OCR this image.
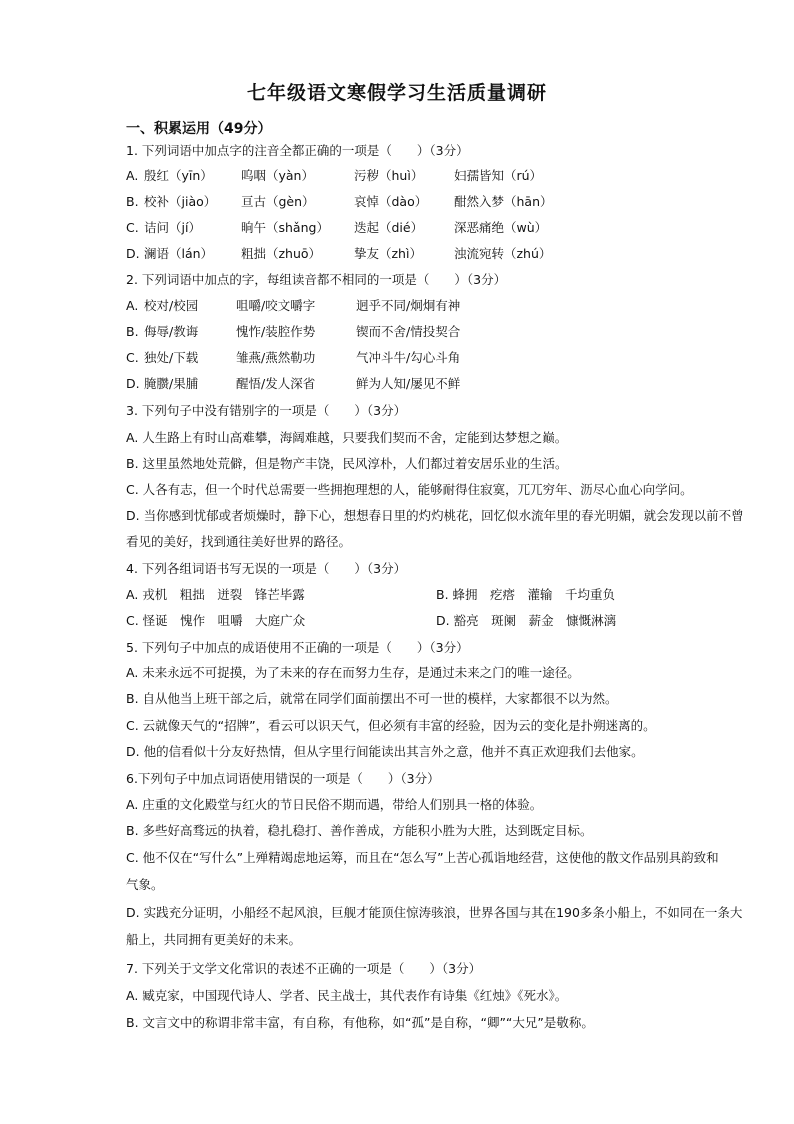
七年级语文寒假学习生活质量调研
一、积累运用（49分）
1. 下列词语中加点字的注音全都正确的一项是（　　）（3分）
A. 殷红（yīn） 呜咽（yàn）	污秽（huì） 妇孺皆知（rú）
B. 校补（jiào） 亘古（gèn）	哀悼（dào） 酣然入梦（hān）
C. 诘问（jí）	晌午（shǎng） 迭起（dié） 深恶痛绝（wù）
D. 澜语（lán） 粗拙（zhuō）	挚友（zhì）	浊流宛转（zhú）
2. 下列词语中加点的字，每组读音都不相同的一项是（　　）（3分）
A. 校对/校园	咀嚼/咬文嚼字	迥乎不同/炯炯有神
B. 侮辱/教诲	愧怍/装腔作势	锲而不舍/情投契合
C. 独处/下载	雏燕/燕然勒功	气冲斗牛/勾心斗角
D. 腌臜/果脯	醒悟/发人深省	鲜为人知/屡见不鲜
3. 下列句子中没有错别字的一项是（　　）（3分）
A. 人生路上有时山高难攀，海阔难越，只要我们契而不舍，定能到达梦想之巅。
B. 这里虽然地处荒僻，但是物产丰饶，民风淳朴，人们都过着安居乐业的生活。
C. 人各有志，但一个时代总需要一些拥抱理想的人，能够耐得住寂寞，兀兀穷年、沥尽心血心向学问。
D. 当你感到忧郁或者烦燥时，静下心，想想春日里的灼灼桃花，回忆似水流年里的春光明媚，就会发现以前不曾
看见的美好，找到通往美好世界的路径。
4. 下列各组词语书写无误的一项是（　　）（3分）
A. 戎机　粗拙　迸裂　锋芒毕露	B. 蜂拥　疙瘩　灌输　千均重负
C. 怪诞　愧作　咀嚼　大庭广众	D. 豁亮　斑阑　薪金　慷慨淋漓
5. 下列句子中加点的成语使用不正确的一项是（　　）（3分）
A. 未来永远不可捉摸，为了未来的存在而努力生存，是通过未来之门的唯一途径。
B. 自从他当上班干部之后，就常在同学们面前摆出不可一世的模样，大家都很不以为然。
C. 云就像天气的“招牌”，看云可以识天气，但必须有丰富的经验，因为云的变化是扑朔迷离的。
D. 他的信看似十分友好热情，但从字里行间能读出其言外之意，他并不真正欢迎我们去他家。
6.下列句子中加点词语使用错误的一项是（　　）（3分）
A. 庄重的文化殿堂与红火的节日民俗不期而遇，带给人们别具一格的体验。
B. 多些好高骛远的执着，稳扎稳打、善作善成，方能积小胜为大胜，达到既定目标。
C. 他不仅在“写什么”上殚精竭虑地运筹，而且在“怎么写”上苦心孤诣地经营，这使他的散文作品别具韵致和
气象。
D. 实践充分证明，小船经不起风浪，巨舰才能顶住惊涛骇浪，世界各国与其在190多条小船上，不如同在一条大
船上，共同拥有更美好的未来。
7. 下列关于文学文化常识的表述不正确的一项是（　　）（3分）
A. 臧克家，中国现代诗人、学者、民主战士，其代表作有诗集《红烛》《死水》。
B. 文言文中的称谓非常丰富，有自称，有他称，如“孤”是自称，“卿”“大兄”是敬称。
